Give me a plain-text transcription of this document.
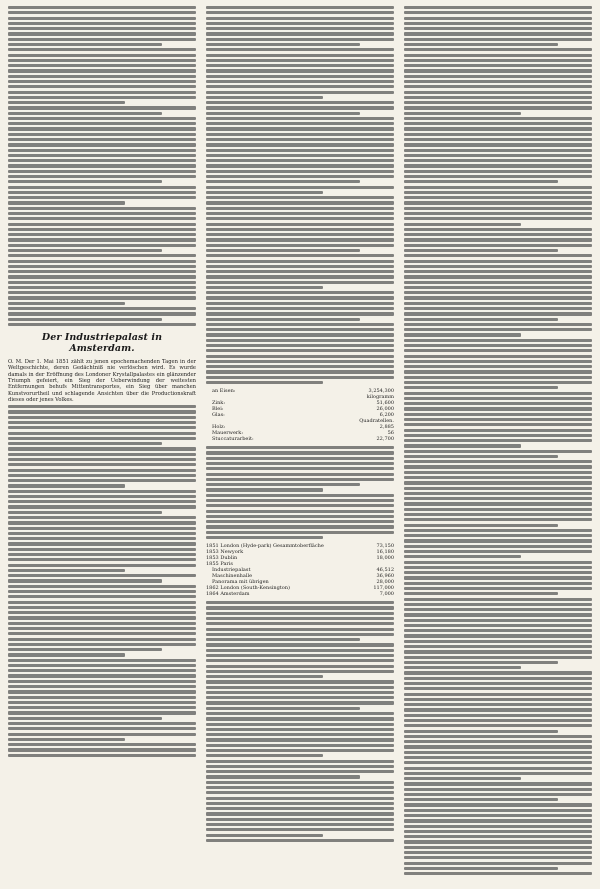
Der Industriepalast in Amsterdam.

O. M. Der 1. Mai 1851 zählt zu jenen epochemachenden Tagen in der Weltgeschichte, deren Gedächtniß nie verlöschen wird. Es wurde damals in der Eröffnung des Londoner Krystallpalastes ein glänzender Triumph gefeiert, ein Sieg der Ueberwindung der weitesten Entfernungen behufs Mittentransportes, ein Sieg über manchen Kunstvorurtheil und schlagende Ansichten über die Productionskraft dieses oder jenes Volkes.

an Eisen:	3,254,300 kilogramm
Zink:	51,600
Blei:	26,000
Glas:	6,200 Quadratellen.
Holz:	2,885
Mauerwerk:	56
Stuccaturarbeit:	22,700
1851 London (Hyde-park) Gesammtoberfläche	73,150
1853 Newyork	16,180
1853 Dublin	18,000
1855 Paris
Industriepalast	46,512
Maschinenhalle	36,960
Panorama mit übrigen	28,000
1862 London (South-Kensington)	117,000
1864 Amsterdam	7,000
